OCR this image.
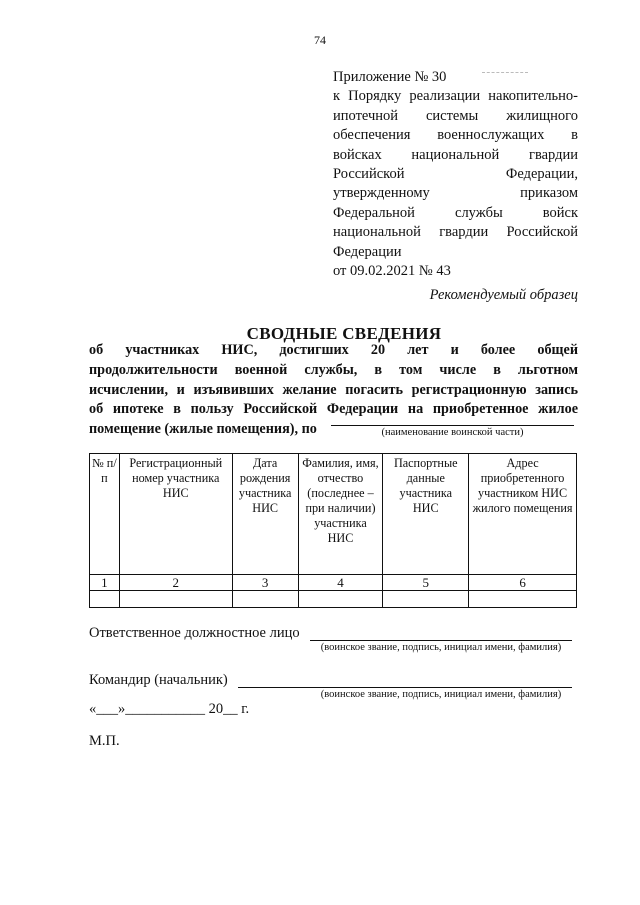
74
Приложение № 30
к Порядку реализации накопительно-
ипотечной системы жилищного
обеспечения военнослужащих в
войсках национальной гвардии
Российской Федерации,
утвержденному приказом
Федеральной службы войск
национальной гвардии Российской
Федерации
от 09.02.2021 № 43
Рекомендуемый образец
СВОДНЫЕ СВЕДЕНИЯ
об участниках НИС, достигших 20 лет и более общей
продолжительности военной службы, в том числе в льготном
исчислении, и изъявивших желание погасить регистрационную запись
об ипотеке в пользу Российской Федерации на приобретенное жилое
помещение (жилые помещения), по	(наименование воинской части)
№ п/п	Регистрационный номер участника НИС	Дата рождения участника НИС	Фамилия, имя, отчество (последнее – при наличии) участника НИС	Паспортные данные участника НИС	Адрес приобретенного участником НИС жилого помещения
1	2	3	4	5	6

Ответственное должностное лицо
(воинское звание, подпись, инициал имени, фамилия)
Командир (начальник)
(воинское звание, подпись, инициал имени, фамилия)
«___»___________ 20__ г.
М.П.
